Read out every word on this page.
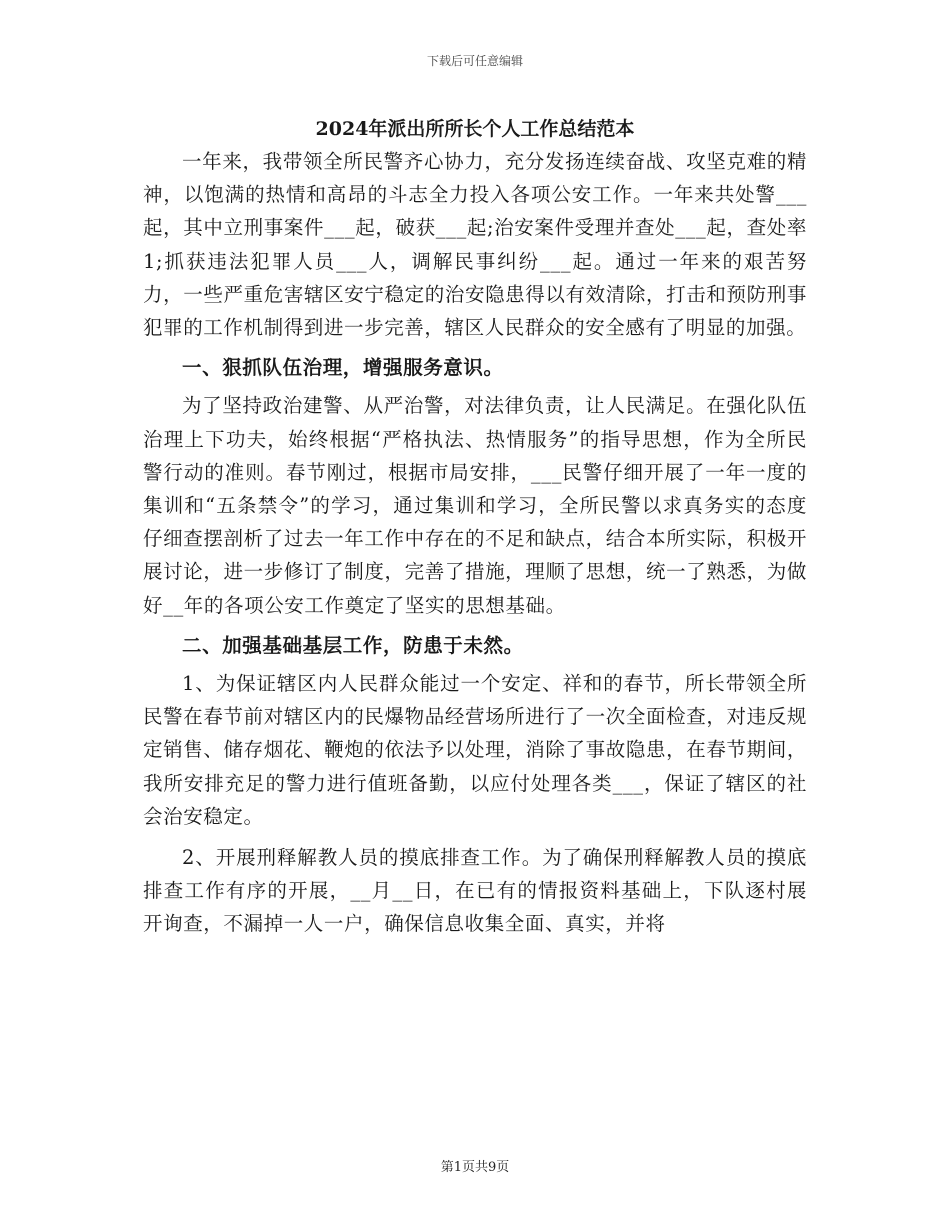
下载后可任意编辑
2024年派出所所长个人工作总结范本

一年来，我带领全所民警齐心协力，充分发扬连续奋战、攻坚克难的精神，以饱满的热情和高昂的斗志全力投入各项公安工作。一年来共处警___起，其中立刑事案件___起，破获___起;治安案件受理并查处___起，查处率1;抓获违法犯罪人员___人，调解民事纠纷___起。通过一年来的艰苦努力，一些严重危害辖区安宁稳定的治安隐患得以有效清除，打击和预防刑事犯罪的工作机制得到进一步完善，辖区人民群众的安全感有了明显的加强。

一、狠抓队伍治理，增强服务意识。

为了坚持政治建警、从严治警，对法律负责，让人民满足。在强化队伍治理上下功夫，始终根据“严格执法、热情服务”的指导思想，作为全所民警行动的准则。春节刚过，根据市局安排，___民警仔细开展了一年一度的集训和“五条禁令”的学习，通过集训和学习，全所民警以求真务实的态度仔细查摆剖析了过去一年工作中存在的不足和缺点，结合本所实际，积极开展讨论，进一步修订了制度，完善了措施，理顺了思想，统一了熟悉，为做好__年的各项公安工作奠定了坚实的思想基础。

二、加强基础基层工作，防患于未然。

1、为保证辖区内人民群众能过一个安定、祥和的春节，所长带领全所民警在春节前对辖区内的民爆物品经营场所进行了一次全面检查，对违反规定销售、储存烟花、鞭炮的依法予以处理，消除了事故隐患，在春节期间，我所安排充足的警力进行值班备勤，以应付处理各类___，保证了辖区的社会治安稳定。

2、开展刑释解教人员的摸底排查工作。为了确保刑释解教人员的摸底排查工作有序的开展，__月__日，在已有的情报资料基础上，下队逐村展开询查，不漏掉一人一户，确保信息收集全面、真实，并将

第1页共9页
